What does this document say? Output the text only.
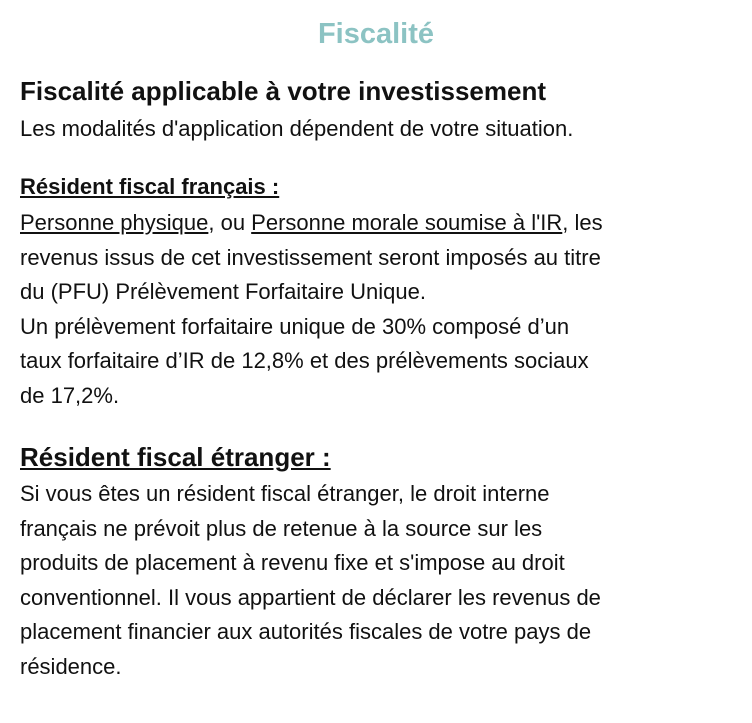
Fiscalité
Fiscalité applicable à votre investissement
Les modalités d'application dépendent de votre situation.
Résident fiscal français :
Personne physique, ou Personne morale soumise à l'IR, les
revenus issus de cet investissement seront imposés au titre
du (PFU) Prélèvement Forfaitaire Unique.
Un prélèvement forfaitaire unique de 30% composé d’un
taux forfaitaire d’IR de 12,8% et des prélèvements sociaux
de 17,2%.
Résident fiscal étranger :
Si vous êtes un résident fiscal étranger, le droit interne
français ne prévoit plus de retenue à la source sur les
produits de placement à revenu fixe et s'impose au droit
conventionnel. Il vous appartient de déclarer les revenus de
placement financier aux autorités fiscales de votre pays de
résidence.
